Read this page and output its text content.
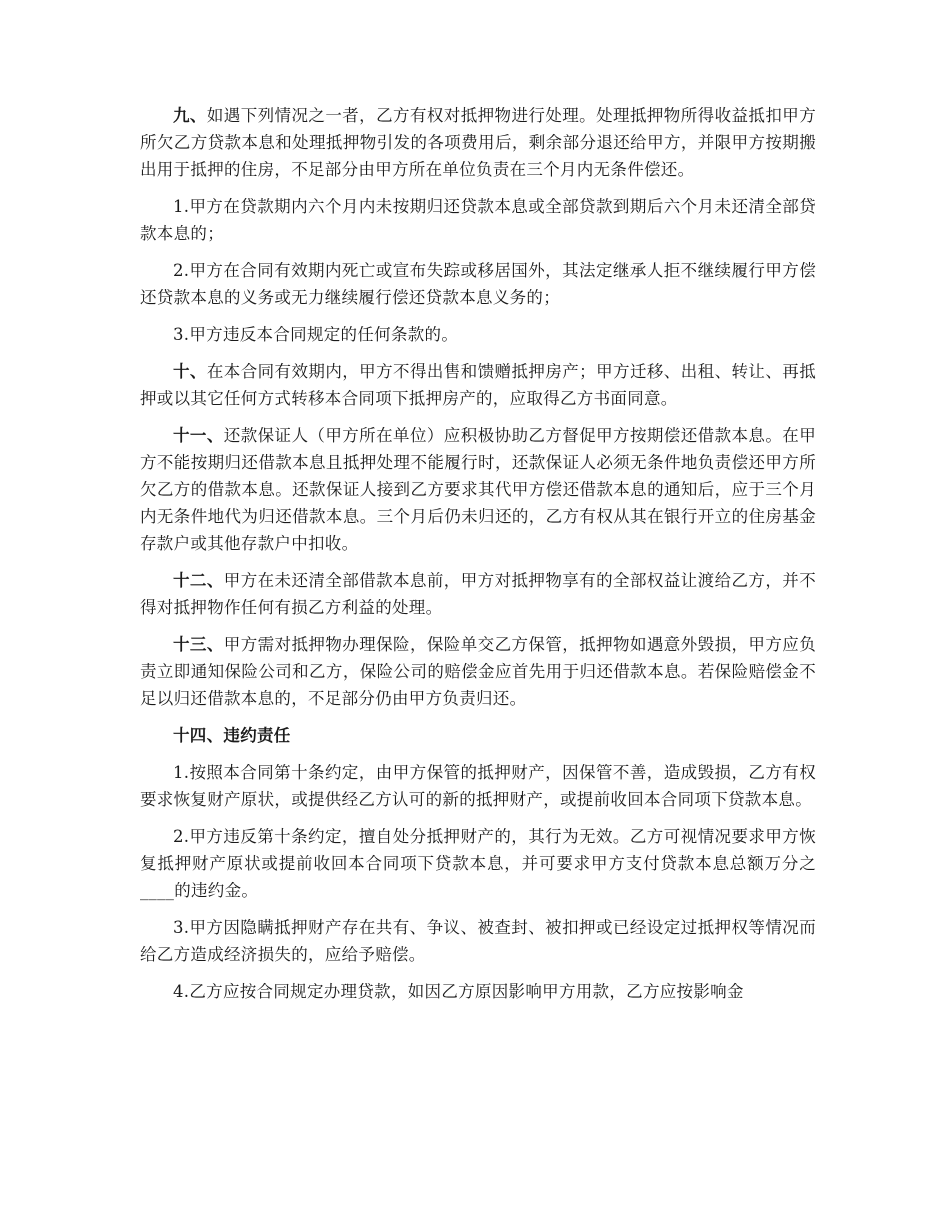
九、如遇下列情况之一者，乙方有权对抵押物进行处理。处理抵押物所得收益抵扣甲方所欠乙方贷款本息和处理抵押物引发的各项费用后，剩余部分退还给甲方，并限甲方按期搬出用于抵押的住房，不足部分由甲方所在单位负责在三个月内无条件偿还。

1.甲方在贷款期内六个月内未按期归还贷款本息或全部贷款到期后六个月未还清全部贷款本息的；

2.甲方在合同有效期内死亡或宣布失踪或移居国外，其法定继承人拒不继续履行甲方偿还贷款本息的义务或无力继续履行偿还贷款本息义务的；

3.甲方违反本合同规定的任何条款的。

十、在本合同有效期内，甲方不得出售和馈赠抵押房产；甲方迁移、出租、转让、再抵押或以其它任何方式转移本合同项下抵押房产的，应取得乙方书面同意。

十一、还款保证人（甲方所在单位）应积极协助乙方督促甲方按期偿还借款本息。在甲方不能按期归还借款本息且抵押处理不能履行时，还款保证人必须无条件地负责偿还甲方所欠乙方的借款本息。还款保证人接到乙方要求其代甲方偿还借款本息的通知后，应于三个月内无条件地代为归还借款本息。三个月后仍未归还的，乙方有权从其在银行开立的住房基金存款户或其他存款户中扣收。

十二、甲方在未还清全部借款本息前，甲方对抵押物享有的全部权益让渡给乙方，并不得对抵押物作任何有损乙方利益的处理。

十三、甲方需对抵押物办理保险，保险单交乙方保管，抵押物如遇意外毁损，甲方应负责立即通知保险公司和乙方，保险公司的赔偿金应首先用于归还借款本息。若保险赔偿金不足以归还借款本息的，不足部分仍由甲方负责归还。

十四、违约责任

1.按照本合同第十条约定，由甲方保管的抵押财产，因保管不善，造成毁损，乙方有权要求恢复财产原状，或提供经乙方认可的新的抵押财产，或提前收回本合同项下贷款本息。

2.甲方违反第十条约定，擅自处分抵押财产的，其行为无效。乙方可视情况要求甲方恢复抵押财产原状或提前收回本合同项下贷款本息，并可要求甲方支付贷款本息总额万分之____的违约金。

3.甲方因隐瞒抵押财产存在共有、争议、被查封、被扣押或已经设定过抵押权等情况而给乙方造成经济损失的，应给予赔偿。

4.乙方应按合同规定办理贷款，如因乙方原因影响甲方用款，乙方应按影响金
